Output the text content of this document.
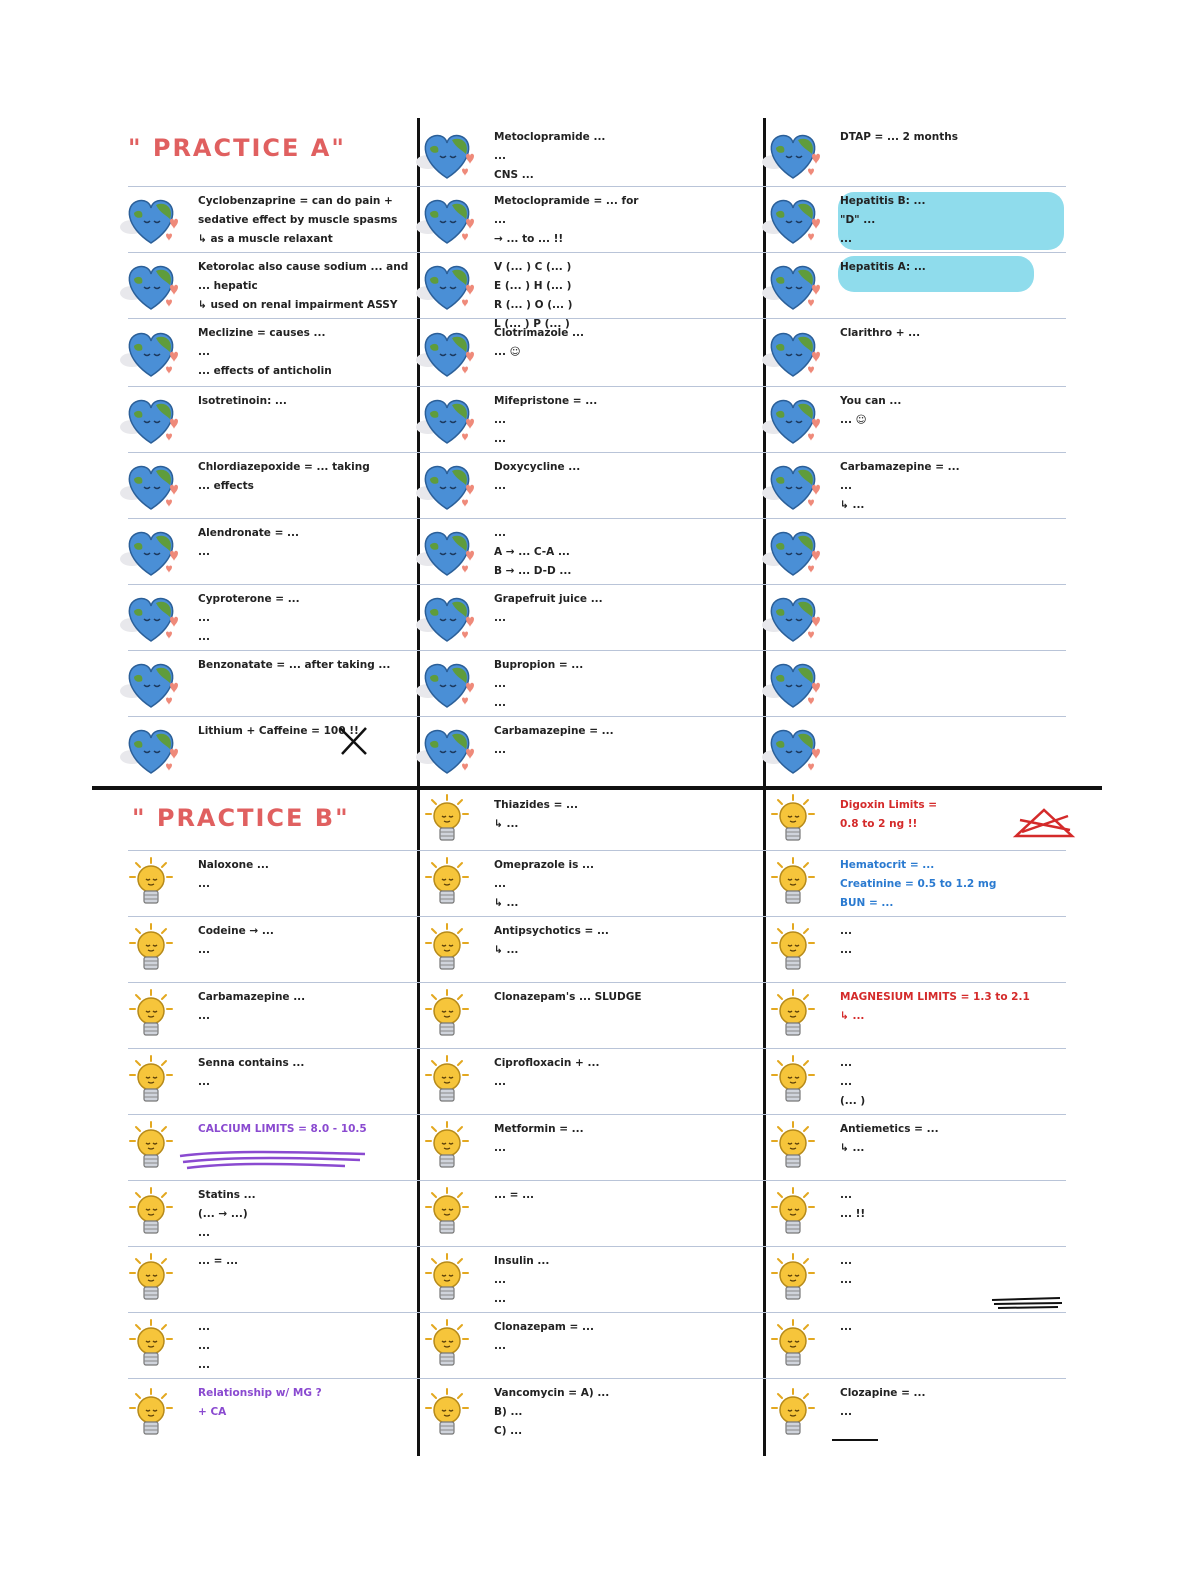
" PRACTICE A"
" PRACTICE B"
Cyclobenzaprine = can do pain +
sedative effect by muscle spasms
↳ as a muscle relaxant
Ketorolac also cause sodium ... and
... hepatic
↳ used on renal impairment ASSY
Meclizine = causes ...
...
... effects of anticholin
Isotretinoin: ...
Chlordiazepoxide = ... taking
... effects
Alendronate = ...
...
Cyproterone = ...
...
...
Benzonatate = ... after taking ...
Lithium + Caffeine = 100 !!
Metoclopramide ...
...
CNS ...
Metoclopramide = ... for
...
→ ... to ... !!
V (... ) C (... )
E (... ) H (... )
R (... ) O (... )
L (... ) P (... )
Clotrimazole ...
... ☺
Mifepristone = ...
...
...
Doxycycline ...
...
...
A → ... C-A ...
B → ... D-D ...
Grapefruit juice ...
...
Bupropion = ...
...
...
Carbamazepine = ...
...
DTAP = ... 2 months
Hepatitis B: ...
"D" ...
...
Hepatitis A: ...
Clarithro + ...
You can ...
... ☺
Carbamazepine = ...
...
↳ ...
Naloxone ...
...
Codeine → ...
...
Carbamazepine ...
...
Senna contains ...
...
CALCIUM LIMITS = 8.0 - 10.5
Statins ...
(... → ...)
...
... = ...
...
...
...
Relationship w/ MG ?
+ CA
Thiazides = ...
↳ ...
Omeprazole is ...
...
↳ ...
Antipsychotics = ...
↳ ...
Clonazepam's ... SLUDGE
Ciprofloxacin + ...
...
Metformin = ...
...
... = ...
Insulin ...
...
...
Clonazepam = ...
...
Vancomycin = A) ...
B) ...
C) ...
Digoxin Limits =
0.8 to 2 ng !!
Hematocrit = ...
Creatinine = 0.5 to 1.2 mg
BUN = ...
...
...
MAGNESIUM LIMITS = 1.3 to 2.1
↳ ...
...
...
(... )
Antiemetics = ...
↳ ...
...
... !!
...
...
...
Clozapine = ...
...
